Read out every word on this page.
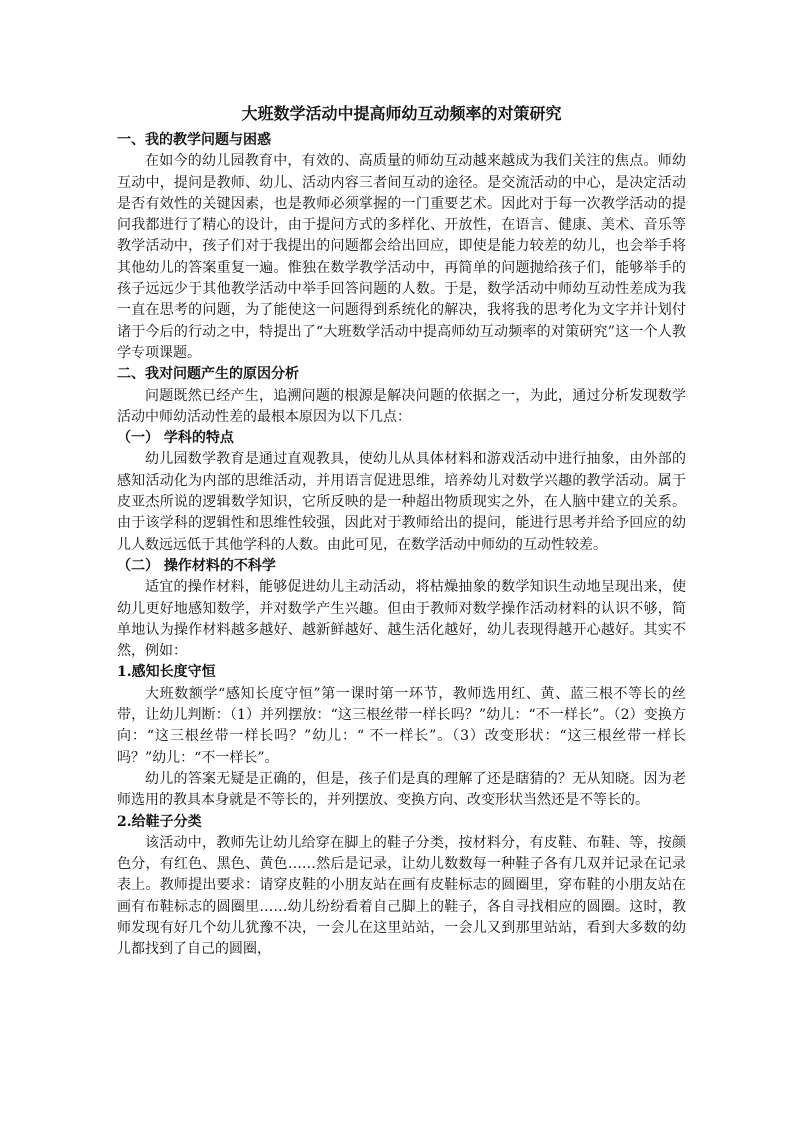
大班数学活动中提高师幼互动频率的对策研究
一、我的教学问题与困惑

在如今的幼儿园教育中，有效的、高质量的师幼互动越来越成为我们关注的焦点。师幼互动中，提问是教师、幼儿、活动内容三者间互动的途径。是交流活动的中心，是决定活动是否有效性的关键因素，也是教师必须掌握的一门重要艺术。因此对于每一次教学活动的提问我都进行了精心的设计，由于提问方式的多样化、开放性，在语言、健康、美术、音乐等教学活动中，孩子们对于我提出的问题都会给出回应，即使是能力较差的幼儿，也会举手将其他幼儿的答案重复一遍。惟独在数学教学活动中，再简单的问题抛给孩子们，能够举手的孩子远远少于其他教学活动中举手回答问题的人数。于是，数学活动中师幼互动性差成为我一直在思考的问题，为了能使这一问题得到系统化的解决，我将我的思考化为文字并计划付诸于今后的行动之中，特提出了“大班数学活动中提高师幼互动频率的对策研究”这一个人教学专项课题。

二、我对问题产生的原因分析

问题既然已经产生，追溯问题的根源是解决问题的依据之一，为此，通过分析发现数学活动中师幼活动性差的最根本原因为以下几点：

（一） 学科的特点

幼儿园数学教育是通过直观教具，使幼儿从具体材料和游戏活动中进行抽象，由外部的感知活动化为内部的思维活动，并用语言促进思维，培养幼儿对数学兴趣的教学活动。属于皮亚杰所说的逻辑数学知识，它所反映的是一种超出物质现实之外，在人脑中建立的关系。由于该学科的逻辑性和思维性较强，因此对于教师给出的提问，能进行思考并给予回应的幼儿人数远远低于其他学科的人数。由此可见，在数学活动中师幼的互动性较差。

（二） 操作材料的不科学

适宜的操作材料，能够促进幼儿主动活动，将枯燥抽象的数学知识生动地呈现出来，使幼儿更好地感知数学，并对数学产生兴趣。但由于教师对数学操作活动材料的认识不够，简单地认为操作材料越多越好、越新鲜越好、越生活化越好，幼儿表现得越开心越好。其实不然，例如：

1.感知长度守恒

大班数额学“感知长度守恒”第一课时第一环节，教师选用红、黄、蓝三根不等长的丝带，让幼儿判断：（1）并列摆放：“这三根丝带一样长吗？”幼儿：“不一样长”。（2）变换方向：“这三根丝带一样长吗？”幼儿：“ 不一样长”。（3）改变形状：“这三根丝带一样长吗？”幼儿：“不一样长”。

幼儿的答案无疑是正确的，但是，孩子们是真的理解了还是瞎猜的？无从知晓。因为老师选用的教具本身就是不等长的，并列摆放、变换方向、改变形状当然还是不等长的。

2.给鞋子分类

该活动中，教师先让幼儿给穿在脚上的鞋子分类，按材料分，有皮鞋、布鞋、等，按颜色分，有红色、黑色、黄色……然后是记录，让幼儿数数每一种鞋子各有几双并记录在记录表上。教师提出要求：请穿皮鞋的小朋友站在画有皮鞋标志的圆圈里，穿布鞋的小朋友站在画有布鞋标志的圆圈里……幼儿纷纷看着自己脚上的鞋子，各自寻找相应的圆圈。这时，教师发现有好几个幼儿犹豫不决，一会儿在这里站站，一会儿又到那里站站，看到大多数的幼儿都找到了自己的圆圈，
